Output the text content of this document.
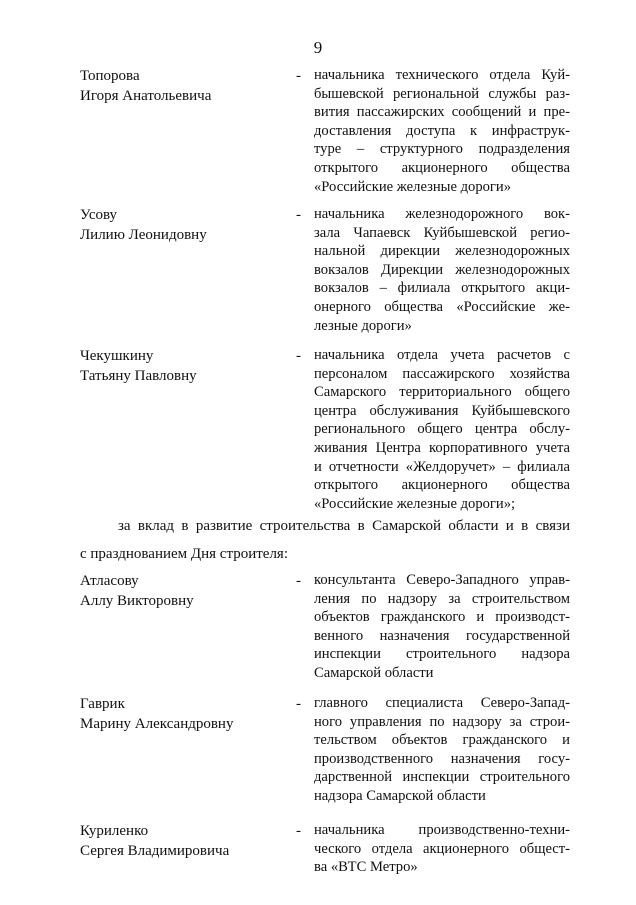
9
Топорова
Игоря Анатольевича
- начальника технического отдела Куй-
бышевской региональной службы раз-
вития пассажирских сообщений и пре-
доставления доступа к инфраструк-
туре – структурного подразделения
открытого акционерного общества
«Российские железные дороги»
Усову
Лилию Леонидовну
- начальника железнодорожного вок-
зала Чапаевск Куйбышевской регио-
нальной дирекции железнодорожных
вокзалов Дирекции железнодорожных
вокзалов – филиала открытого акци-
онерного общества «Российские же-
лезные дороги»
Чекушкину
Татьяну Павловну
- начальника отдела учета расчетов с
персоналом пассажирского хозяйства
Самарского территориального общего
центра обслуживания Куйбышевского
регионального общего центра обслу-
живания Центра корпоративного учета
и отчетности «Желдоручет» – филиала
открытого акционерного общества
«Российские железные дороги»;
за вклад в развитие строительства в Самарской области и в связи
с празднованием Дня строителя:
Атласову
Аллу Викторовну
- консультанта Северо-Западного управ-
ления по надзору за строительством
объектов гражданского и производст-
венного назначения государственной
инспекции строительного надзора
Самарской области
Гаврик
Марину Александровну
- главного специалиста Северо-Запад-
ного управления по надзору за строи-
тельством объектов гражданского и
производственного назначения госу-
дарственной инспекции строительного
надзора Самарской области
Куриленко
Сергея Владимировича
- начальника производственно-техни-
ческого отдела акционерного общест-
ва «ВТС Метро»
